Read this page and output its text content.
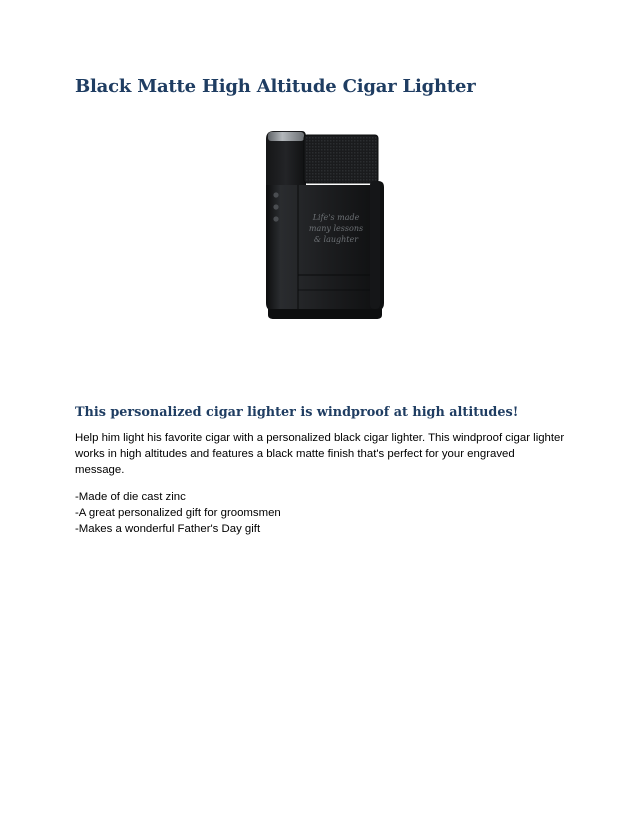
Black Matte High Altitude Cigar Lighter
Life's made
many lessons
& laughter
This personalized cigar lighter is windproof at high altitudes!

Help him light his favorite cigar with a personalized black cigar lighter. This windproof cigar lighter works in high altitudes and features a black matte finish that's perfect for your engraved message.

-Made of die cast zinc
-A great personalized gift for groomsmen
-Makes a wonderful Father's Day gift
